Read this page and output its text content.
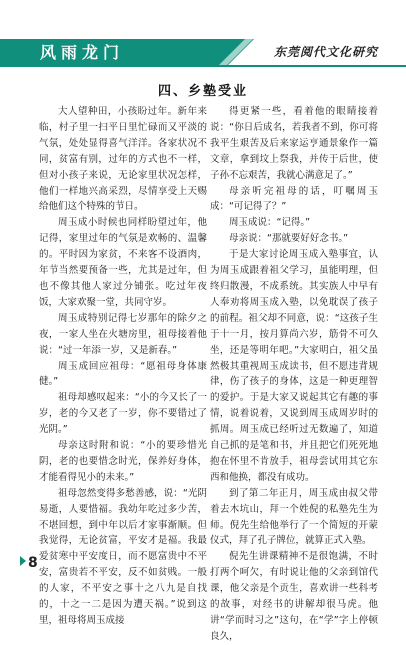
风雨龙门	东莞阅代文化研究
四、乡塾受业

大人望种田，小孩盼过年。新年来临，村子里一扫平日里忙碌而又平淡的气氛，处处显得喜气洋洋。各家状况不同，贫富有别，过年的方式也不一样，但对小孩子来说，无论家里状况怎样，他们一样地兴高采烈，尽情享受上天赐给他们这个特殊的节日。

周玉成小时候也同样盼望过年，他记得，家里过年的气氛是欢畅的、温馨的。平时因为家贫，不来客不设酒肉，年节当然要预备一些，尤其是过年，但也不像其他人家过分铺张。吃过年夜饭，大家欢聚一堂，共同守岁。

周玉成特别记得七岁那年的除夕之夜，一家人坐在火塘房里，祖母接着他说：“过一年添一岁，又是新春。”

周玉成回应祖母：“愿祖母身体康健。”

祖母却感叹起来：“小的今又长了一岁，老的今又老了一岁，你不要错过了光阴。”

母亲这时附和说：“小的要珍惜光阴，老的也要惜念时光，保养好身体，才能看得见小的未来。”

祖母忽然变得多愁善感，说：“光阴易逝，人要惜福。我幼年吃过多少苦，不堪回想，到中年以后才家事渐顺。但我觉得，无论贫富，平安才是福。我最爱贫寒中平安度日，而不愿富贵中不平安，富贵若不平安，反不如贫贱。一般的人家，不平安之事十之八九是自找的，十之一二是因为遭天祸。”说到这里，祖母将周玉成接

得更紧一些，看着他的眼睛接着说：“你日后成名，若我者不到，你可将我平生艰苦及后来家运亨通景象作一篇文章，拿到坟上祭我，并传于后世，使子孙不忘艰苦，我就心满意足了。”

母亲听完祖母的话，叮嘱周玉成：“可记得了？”

周玉成说：“记得。”

母亲说：“那就要好好念书。”

于是大家讨论周玉成入塾事宜，认为周玉成跟着祖父学习，虽能明理，但终归散漫，不成系统。其实族人中早有人奉劝将周玉成入塾，以免耽误了孩子的前程。祖父却不同意，说：“这孩子生于十一月，按月算尚六岁，筋骨不可久坐，还是等明年吧。”大家明白，祖父虽然极其重视周玉成读书，但不愿违背规律，伤了孩子的身体，这是一种更理智的爱护。于是大家又说起其它有趣的事情，说着说着，又说到周玉成周岁时的抓周。周玉成已经听过无数遍了，知道自己抓的是笔和书，并且把它们死死地抱在怀里不肯放手，祖母尝试用其它东西和他换，都没有成功。

到了第二年正月，周玉成由叔父带着去木坑山，拜一个姓倪的私塾先生为师。倪先生给他举行了一个简短的开蒙仪式，拜了孔子牌位，就算正式入塾。

倪先生讲课精神不是很饱满，不时打两个呵欠，有时说让他的父亲到馆代课，他父亲是个贡生，喜欢讲一些科考的故事，对经书的讲解却很马虎。他讲“学而时习之”这句，在“学”字上停顿良久，

8
